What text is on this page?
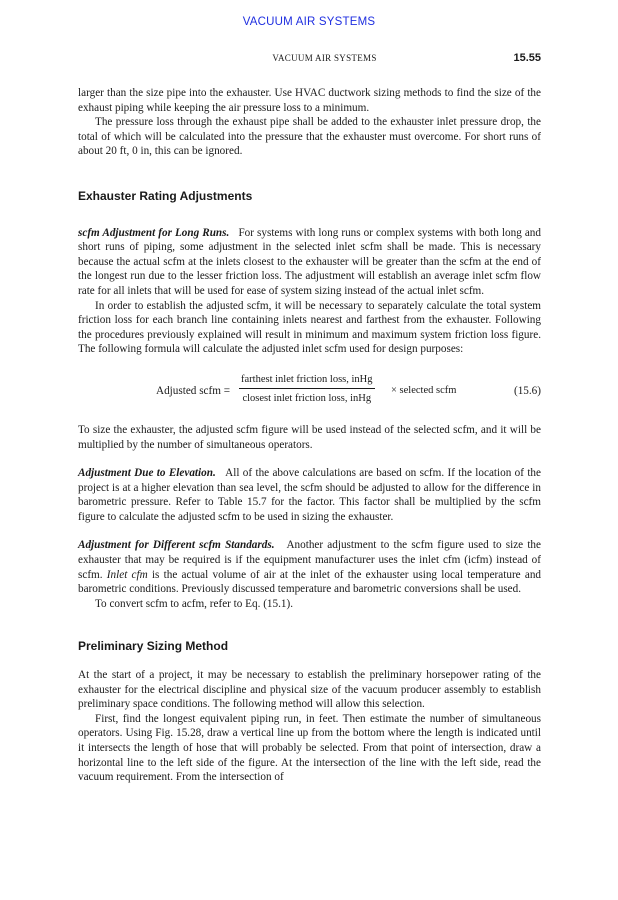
VACUUM AIR SYSTEMS
VACUUM AIR SYSTEMS	15.55

larger than the size pipe into the exhauster. Use HVAC ductwork sizing methods to find the size of the exhaust piping while keeping the air pressure loss to a minimum.

The pressure loss through the exhaust pipe shall be added to the exhauster inlet pressure drop, the total of which will be calculated into the pressure that the exhauster must overcome. For short runs of about 20 ft, 0 in, this can be ignored.

Exhauster Rating Adjustments

scfm Adjustment for Long Runs. For systems with long runs or complex systems with both long and short runs of piping, some adjustment in the selected inlet scfm shall be made. This is necessary because the actual scfm at the inlets closest to the exhauster will be greater than the scfm at the end of the longest run due to the lesser friction loss. The adjustment will establish an average inlet scfm flow rate for all inlets that will be used for ease of system sizing instead of the actual inlet scfm.

In order to establish the adjusted scfm, it will be necessary to separately calculate the total system friction loss for each branch line containing inlets nearest and farthest from the exhauster. Following the procedures previously explained will result in minimum and maximum system friction loss figure. The following formula will calculate the adjusted inlet scfm used for design purposes:

Adjusted scfm =
farthest inlet friction loss, inHg
closest inlet friction loss, inHg
× selected scfm	(15.6)

To size the exhauster, the adjusted scfm figure will be used instead of the selected scfm, and it will be multiplied by the number of simultaneous operators.

Adjustment Due to Elevation. All of the above calculations are based on scfm. If the location of the project is at a higher elevation than sea level, the scfm should be adjusted to allow for the difference in barometric pressure. Refer to Table 15.7 for the factor. This factor shall be multiplied by the scfm figure to calculate the adjusted scfm to be used in sizing the exhauster.

Adjustment for Different scfm Standards. Another adjustment to the scfm figure used to size the exhauster that may be required is if the equipment manufacturer uses the inlet cfm (icfm) instead of scfm. Inlet cfm is the actual volume of air at the inlet of the exhauster using local temperature and barometric conditions. Previously discussed temperature and barometric conversions shall be used.

To convert scfm to acfm, refer to Eq. (15.1).

Preliminary Sizing Method

At the start of a project, it may be necessary to establish the preliminary horsepower rating of the exhauster for the electrical discipline and physical size of the vacuum producer assembly to establish preliminary space conditions. The following method will allow this selection.

First, find the longest equivalent piping run, in feet. Then estimate the number of simultaneous operators. Using Fig. 15.28, draw a vertical line up from the bottom where the length is indicated until it intersects the length of hose that will probably be selected. From that point of intersection, draw a horizontal line to the left side of the figure. At the intersection of the line with the left side, read the vacuum requirement. From the intersection of
